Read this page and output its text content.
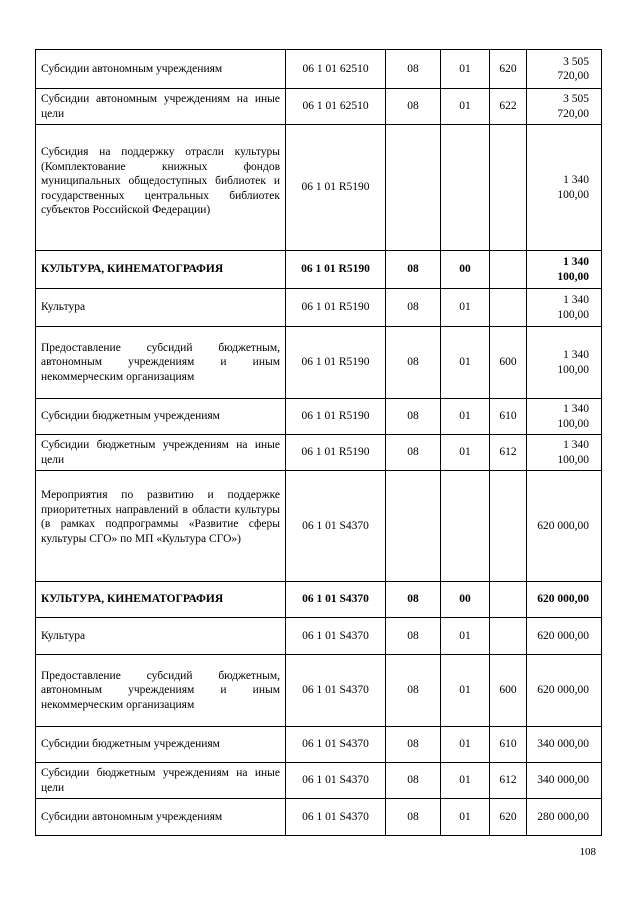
Субсидии автономным учреждениям	06 1 01 62510	08	01	620	3 505 720,00
Субсидии автономным учреждениям на иные цели	06 1 01 62510	08	01	622	3 505 720,00
Субсидия на поддержку отрасли культуры (Комплектование книжных фондов муниципальных общедоступных библиотек и государственных центральных библиотек субъектов Российской Федерации)	06 1 01 R5190				1 340 100,00
КУЛЬТУРА, КИНЕМАТОГРАФИЯ	06 1 01 R5190	08	00		1 340 100,00
Культура	06 1 01 R5190	08	01		1 340 100,00
Предоставление субсидий бюджетным, автономным учреждениям и иным некоммерческим организациям	06 1 01 R5190	08	01	600	1 340 100,00
Субсидии бюджетным учреждениям	06 1 01 R5190	08	01	610	1 340 100,00
Субсидии бюджетным учреждениям на иные цели	06 1 01 R5190	08	01	612	1 340 100,00
Мероприятия по развитию и поддержке приоритетных направлений в области культуры (в рамках подпрограммы «Развитие сферы культуры СГО» по МП «Культура СГО»)	06 1 01 S4370				620 000,00
КУЛЬТУРА, КИНЕМАТОГРАФИЯ	06 1 01 S4370	08	00		620 000,00
Культура	06 1 01 S4370	08	01		620 000,00
Предоставление субсидий бюджетным, автономным учреждениям и иным некоммерческим организациям	06 1 01 S4370	08	01	600	620 000,00
Субсидии бюджетным учреждениям	06 1 01 S4370	08	01	610	340 000,00
Субсидии бюджетным учреждениям на иные цели	06 1 01 S4370	08	01	612	340 000,00
Субсидии автономным учреждениям	06 1 01 S4370	08	01	620	280 000,00
108
